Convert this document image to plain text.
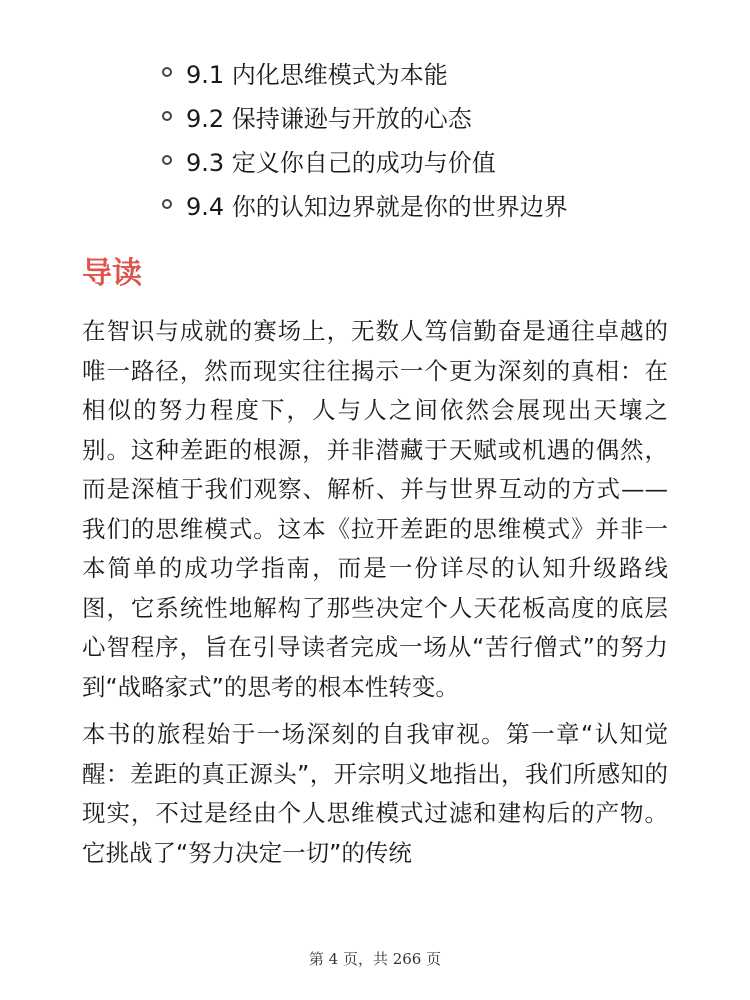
9.1 内化思维模式为本能
9.2 保持谦逊与开放的心态
9.3 定义你自己的成功与价值
9.4 你的认知边界就是你的世界边界
导读

在智识与成就的赛场上，无数人笃信勤奋是通往卓越的唯一路径，然而现实往往揭示一个更为深刻的真相：在相似的努力程度下，人与人之间依然会展现出天壤之别。这种差距的根源，并非潜藏于天赋或机遇的偶然，而是深植于我们观察、解析、并与世界互动的方式——我们的思维模式。这本《拉开差距的思维模式》并非一本简单的成功学指南，而是一份详尽的认知升级路线图，它系统性地解构了那些决定个人天花板高度的底层心智程序，旨在引导读者完成一场从“苦行僧式”的努力到“战略家式”的思考的根本性转变。

本书的旅程始于一场深刻的自我审视。第一章“认知觉醒：差距的真正源头”，开宗明义地指出，我们所感知的现实，不过是经由个人思维模式过滤和建构后的产物。它挑战了“努力决定一切”的传统

第 4 页，共 266 页
